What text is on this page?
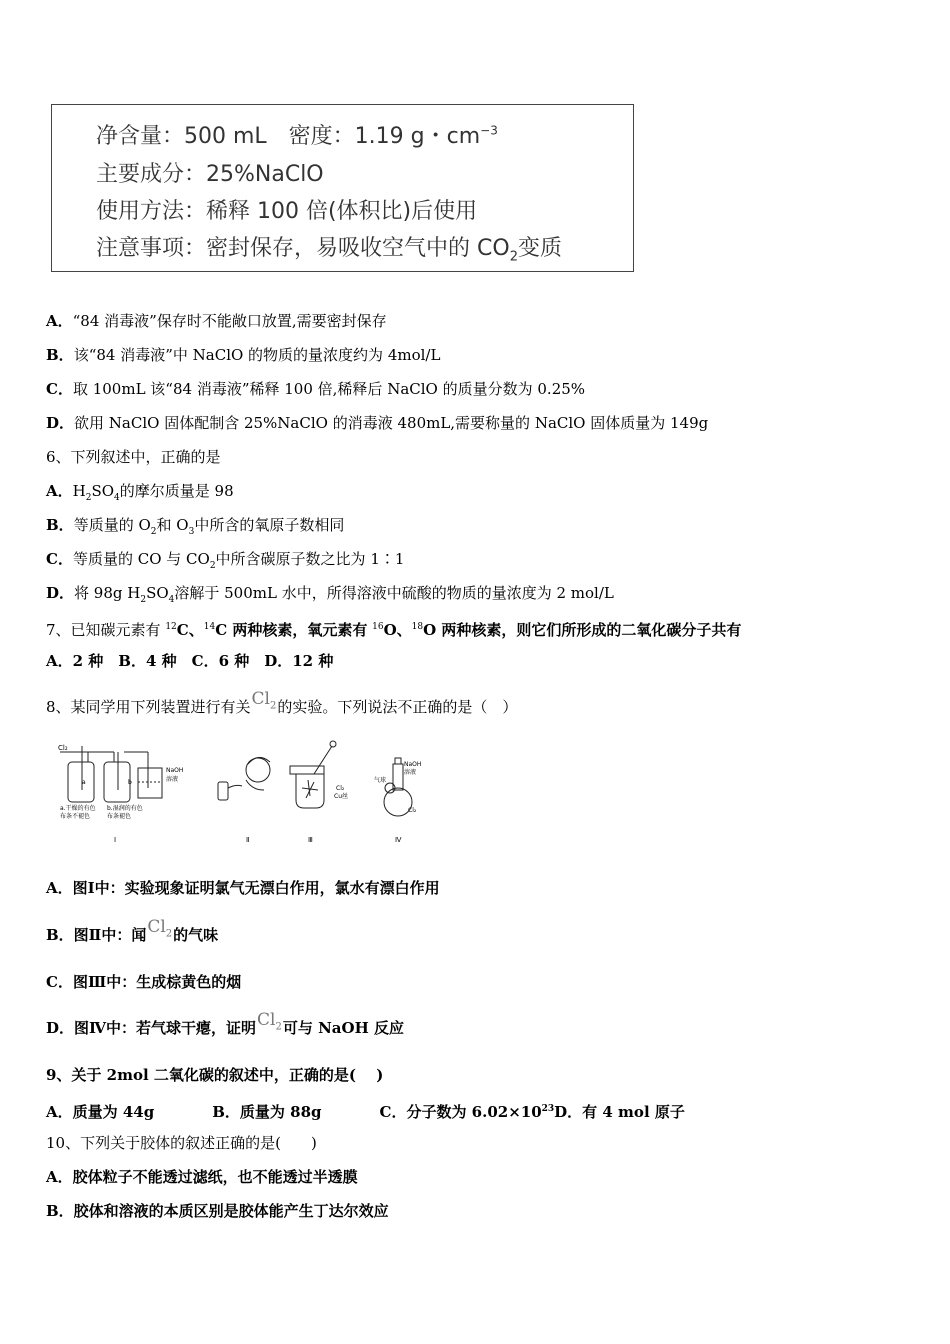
净含量：500 mL　密度：1.19 g・$cm^{-3}$
主要成分：25%NaClO
使用方法：稀释 100 倍(体积比)后使用
注意事项：密封保存，易吸收空气中的 $CO_2$变质
A．“84 消毒液”保存时不能敞口放置,需要密封保存
B．该“84 消毒液”中 NaClO 的物质的量浓度约为 4mol/L
C．取 100mL 该“84 消毒液”稀释 100 倍,稀释后 NaClO 的质量分数为 0.25%
D．欲用 NaClO 固体配制含 25%NaClO 的消毒液 480mL,需要称量的 NaClO 固体质量为 149g
6、下列叙述中，正确的是
A．$H_2SO_4$的摩尔质量是 98
B．等质量的 $O_2$和 $O_3$中所含的氧原子数相同
C．等质量的 CO 与 $CO_2$中所含碳原子数之比为 1∶1
D．将 98g $H_2SO_4$溶解于 500mL 水中，所得溶液中硫酸的物质的量浓度为 2 mol/L
7、已知碳元素有 $^{12}$C、$^{14}$C 两种核素，氧元素有 $^{16}$O、$^{18}$O 两种核素，则它们所形成的二氧化碳分子共有
A．2 种　B．4 种　C．6 种　D．12 种
8、某同学用下列装置进行有关$Cl_2$的实验。下列说法不正确的是（　）
Cl₂
a	b
NaOH
溶液
a.干燥的有色
布条不褪色
b.湿润的有色
布条褪色
Cl₂
Cu丝
气球
NaOH
溶液
Cl₂
Ⅰ	Ⅱ	Ⅲ	Ⅳ
A．图Ⅰ中：实验现象证明氯气无漂白作用，氯水有漂白作用
B．图Ⅱ中：闻$Cl_2$的气味
C．图Ⅲ中：生成棕黄色的烟
D．图Ⅳ中：若气球干瘪，证明$Cl_2$可与 NaOH 反应
9、关于 2mol 二氧化碳的叙述中，正确的是(　 )
A．质量为 44g	B．质量为 88g	C．分子数为 $6.02\times 10^{23}D$．有 4 mol 原子
10、下列关于胶体的叙述正确的是(　　)
A．胶体粒子不能透过滤纸，也不能透过半透膜
B．胶体和溶液的本质区别是胶体能产生丁达尔效应
